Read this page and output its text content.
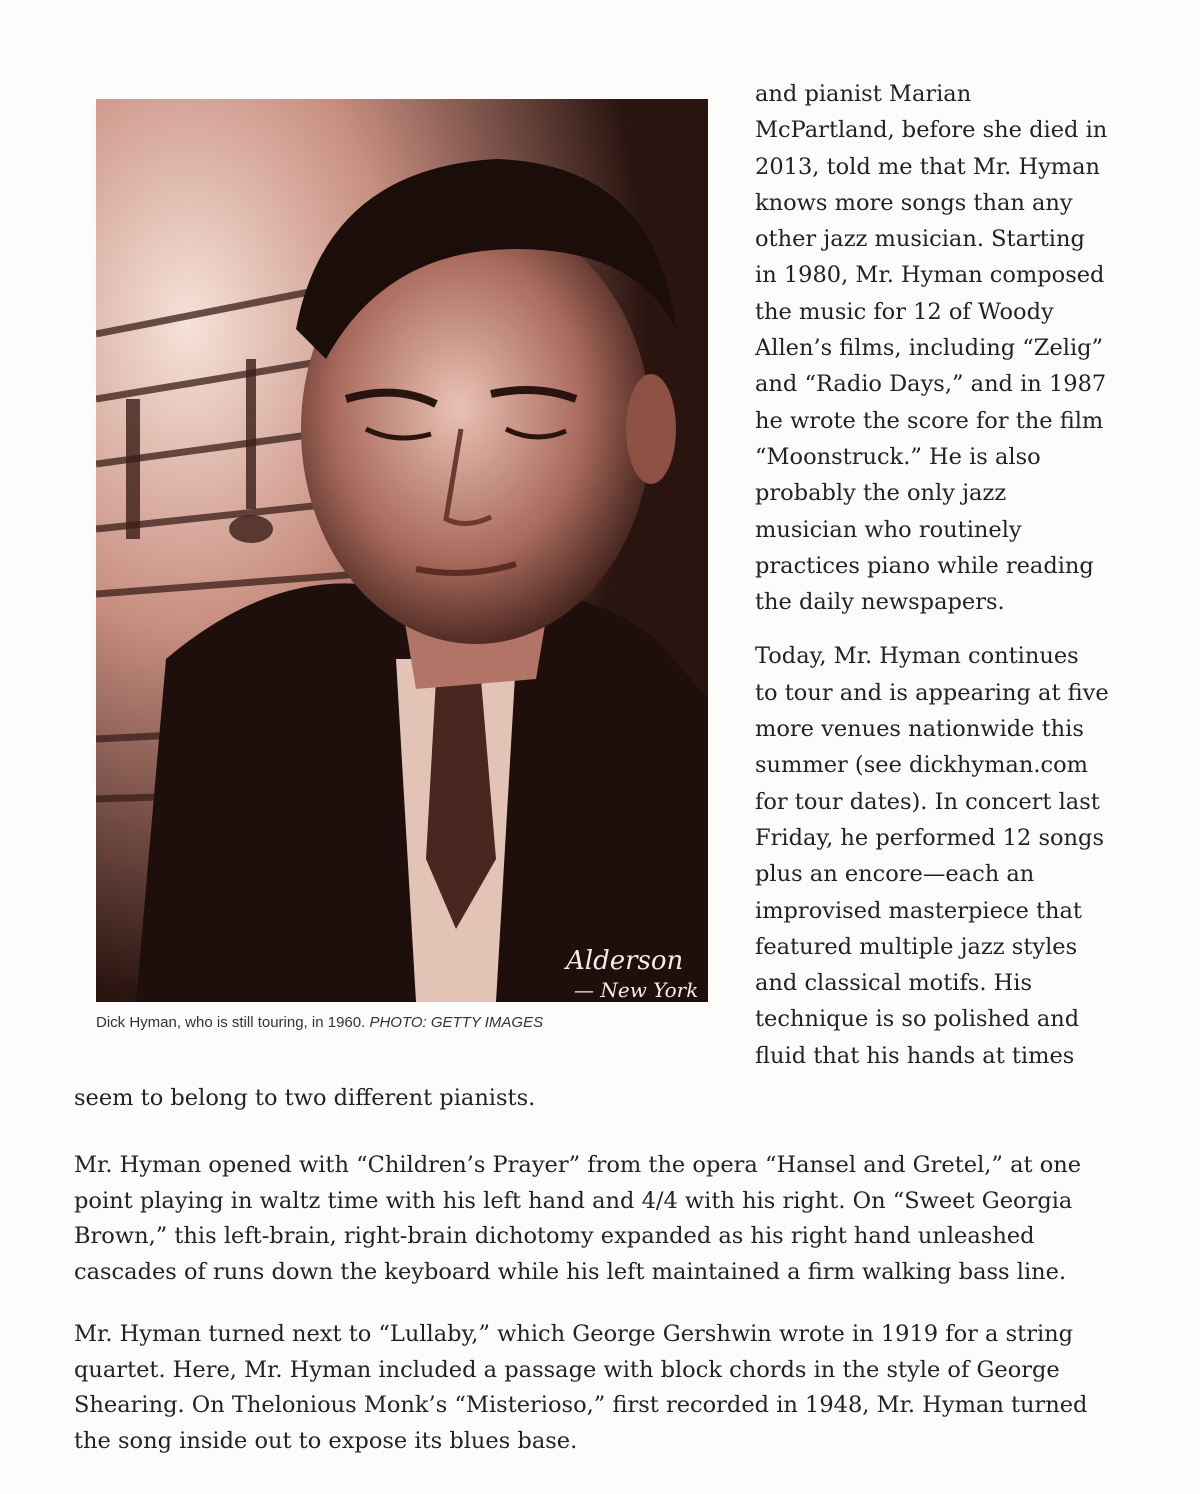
Alderson
— New York
Dick Hyman, who is still touring, in 1960. PHOTO: GETTY IMAGES
and pianist Marian
McPartland, before she died in
2013, told me that Mr. Hyman
knows more songs than any
other jazz musician. Starting
in 1980, Mr. Hyman composed
the music for 12 of Woody
Allen’s films, including “Zelig”
and “Radio Days,” and in 1987
he wrote the score for the film
“Moonstruck.” He is also
probably the only jazz
musician who routinely
practices piano while reading
the daily newspapers.
Today, Mr. Hyman continues
to tour and is appearing at five
more venues nationwide this
summer (see dickhyman.com
for tour dates). In concert last
Friday, he performed 12 songs
plus an encore—each an
improvised masterpiece that
featured multiple jazz styles
and classical motifs. His
technique is so polished and
fluid that his hands at times
seem to belong to two different pianists.
Mr. Hyman opened with “Children’s Prayer” from the opera “Hansel and Gretel,” at one
point playing in waltz time with his left hand and 4/4 with his right. On “Sweet Georgia
Brown,” this left-brain, right-brain dichotomy expanded as his right hand unleashed
cascades of runs down the keyboard while his left maintained a firm walking bass line.
Mr. Hyman turned next to “Lullaby,” which George Gershwin wrote in 1919 for a string
quartet. Here, Mr. Hyman included a passage with block chords in the style of George
Shearing. On Thelonious Monk’s “Misterioso,” first recorded in 1948, Mr. Hyman turned
the song inside out to expose its blues base.
